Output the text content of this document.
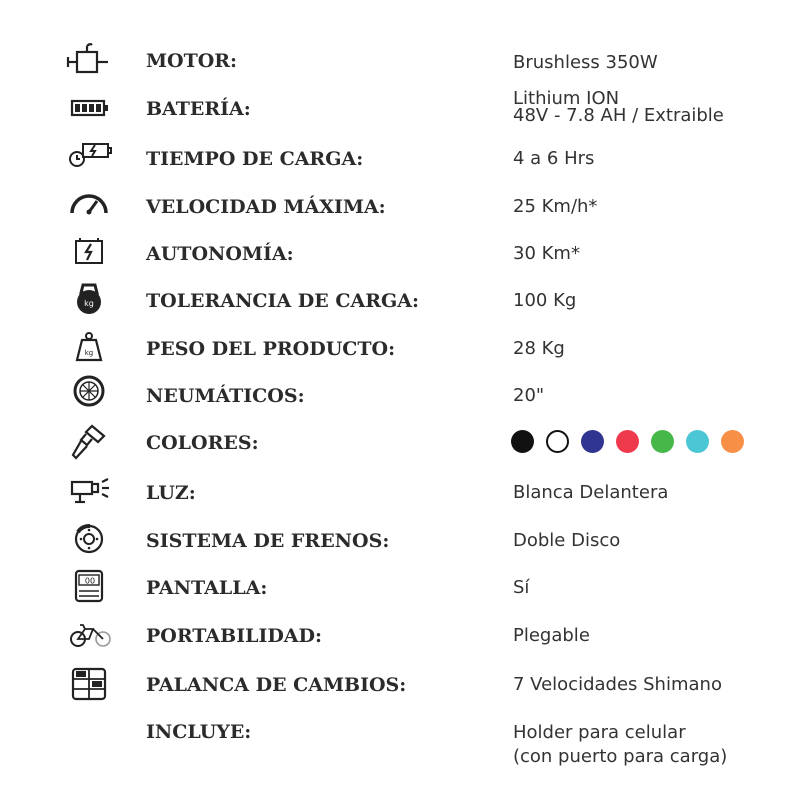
MOTOR:	Brushless 350W
BATERÍA:	Lithium ION
48V - 7.8 AH / Extraible
TIEMPO DE CARGA:	4 a 6 Hrs
VELOCIDAD MÁXIMA:	25 Km/h*
AUTONOMÍA:	30 Km*
kg	TOLERANCIA DE CARGA:	100 Kg
kg	PESO DEL PRODUCTO:	28 Kg
NEUMÁTICOS:	20"
COLORES:
LUZ:	Blanca Delantera
SISTEMA DE FRENOS:	Doble Disco
00	PANTALLA:	Sí
PORTABILIDAD:	Plegable
PALANCA DE CAMBIOS:	7 Velocidades Shimano
INCLUYE:	Holder para celular
(con puerto para carga)
